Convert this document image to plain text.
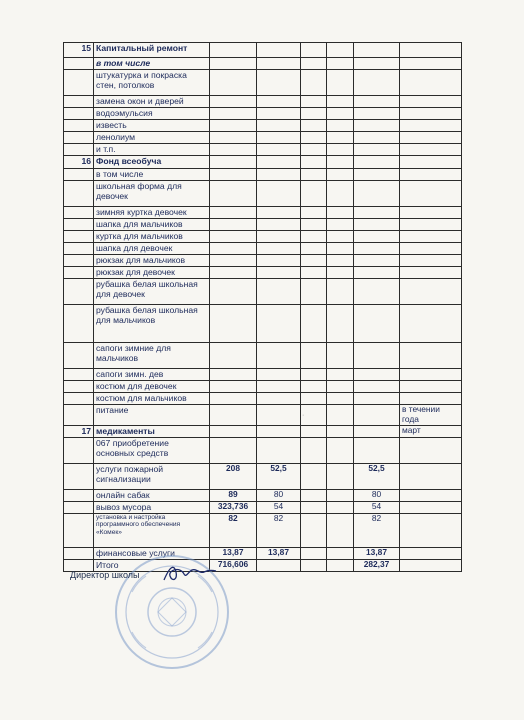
15	Капитальный ремонт						
	в том числе						
	штукатурка и покраска стен, потолков						
	замена окон и дверей						
	водоэмульсия						
	известь						
	ленолиум						
	и т.п.						
16	Фонд всеобуча						
	в том числе						
	школьная форма для девочек						
	зимняя куртка девочек						
	шапка для мальчиков						
	куртка для мальчиков						
	шапка для девочек						
	рюкзак для мальчиков						
	рюкзак для девочек						
	рубашка белая школьная для девочек						
	рубашка белая школьная для мальчиков						
	сапоги зимние для мальчиков						
	сапоги зимн. дев						
	костюм для девочек						
	костюм для мальчиков						
	питание						в течении года
17	медикаменты						март
	067 приобретение основных средств						
	услуги пожарной сигнализации	208	52,5			52,5	
	онлайн сабак	89	80			80	
	вывоз мусора	323,736	54			54	
	установка и настройка программного обеспечения «Комек»	82	82			82	
	финансовые услуги	13,87	13,87			13,87	
	Итого	716,606				282,37	
·
Директор школы
